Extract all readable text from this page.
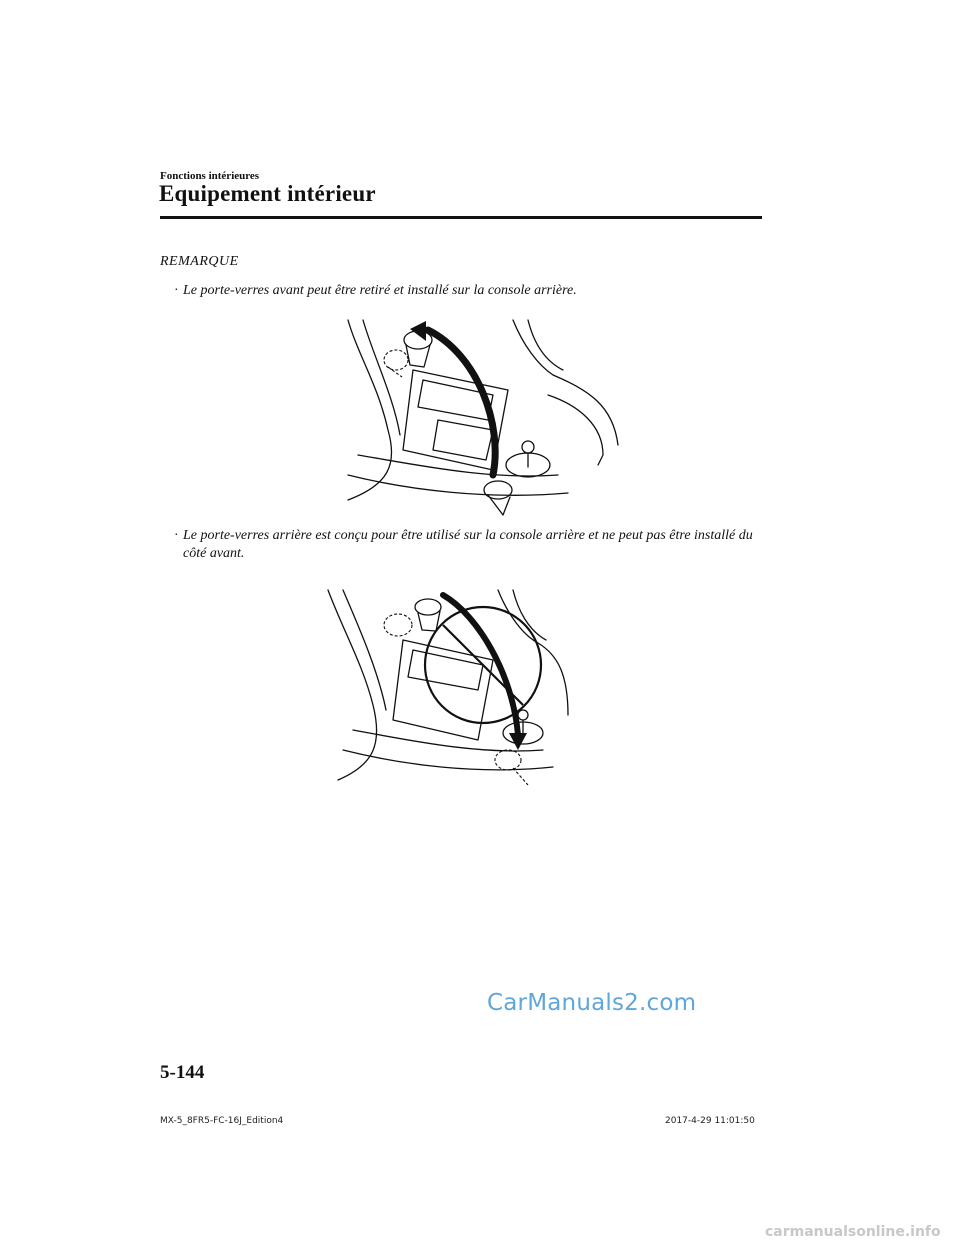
Fonctions intérieures
Equipement intérieur
REMARQUE
· Le porte-verres avant peut être retiré et installé sur la console arrière.
· Le porte-verres arrière est conçu pour être utilisé sur la console arrière et ne peut pas être installé du côté avant.
CarManuals2.com
5-144
MX-5_8FR5-FC-16J_Edition4	2017-4-29 11:01:50
carmanualsonline.info
